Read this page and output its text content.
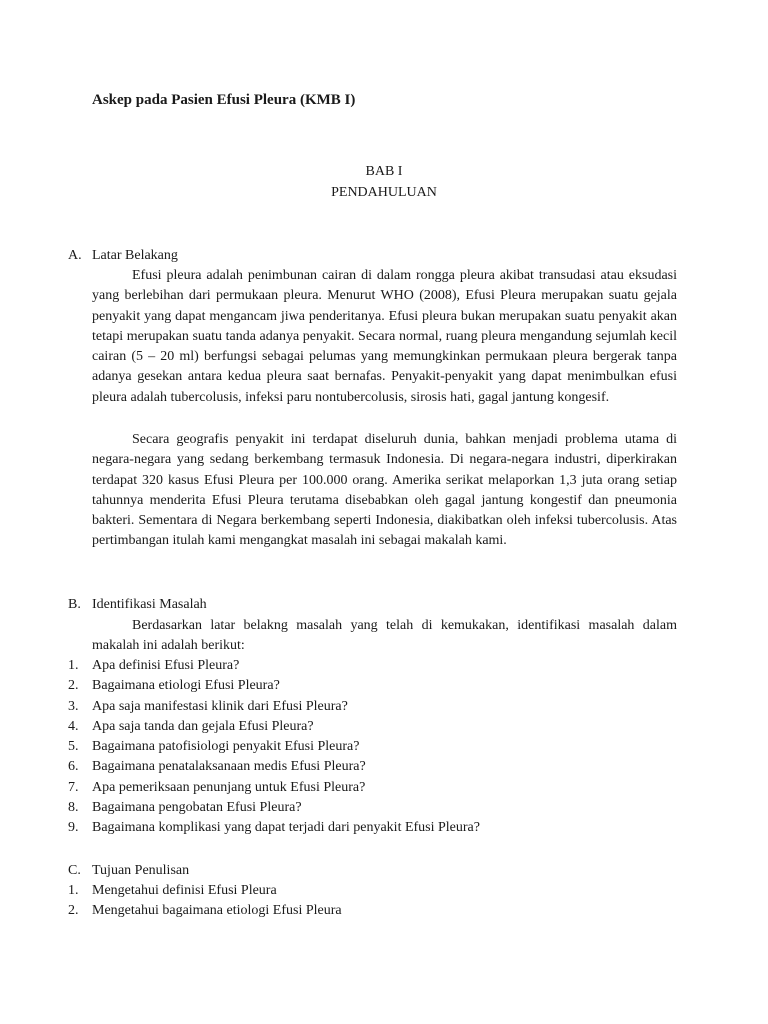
Askep pada Pasien Efusi Pleura (KMB I)
BAB I
PENDAHULUAN
A. Latar Belakang

Efusi pleura adalah penimbunan cairan di dalam rongga pleura akibat transudasi atau eksudasi yang berlebihan dari permukaan pleura. Menurut WHO (2008), Efusi Pleura merupakan suatu gejala penyakit yang dapat mengancam jiwa penderitanya. Efusi pleura bukan merupakan suatu penyakit akan tetapi merupakan suatu tanda adanya penyakit. Secara normal, ruang pleura mengandung sejumlah kecil cairan (5 – 20 ml) berfungsi sebagai pelumas yang memungkinkan permukaan pleura bergerak tanpa adanya gesekan antara kedua pleura saat bernafas. Penyakit-penyakit yang dapat menimbulkan efusi pleura adalah tubercolusis, infeksi paru nontubercolusis, sirosis hati, gagal jantung kongesif.

Secara geografis penyakit ini terdapat diseluruh dunia, bahkan menjadi problema utama di negara-negara yang sedang berkembang termasuk Indonesia. Di negara-negara industri, diperkirakan terdapat 320 kasus Efusi Pleura per 100.000 orang. Amerika serikat melaporkan 1,3 juta orang setiap tahunnya menderita Efusi Pleura terutama disebabkan oleh gagal jantung kongestif dan pneumonia bakteri. Sementara di Negara berkembang seperti Indonesia, diakibatkan oleh infeksi tubercolusis. Atas pertimbangan itulah kami mengangkat masalah ini sebagai makalah kami.

B. Identifikasi Masalah

Berdasarkan latar belakng masalah yang telah di kemukakan, identifikasi masalah dalam makalah ini adalah berikut:

1. Apa definisi Efusi Pleura?
2. Bagaimana etiologi Efusi Pleura?
3. Apa saja manifestasi klinik dari Efusi Pleura?
4. Apa saja tanda dan gejala Efusi Pleura?
5. Bagaimana patofisiologi penyakit Efusi Pleura?
6. Bagaimana penatalaksanaan medis Efusi Pleura?
7. Apa pemeriksaan penunjang untuk Efusi Pleura?
8. Bagaimana pengobatan Efusi Pleura?
9. Bagaimana komplikasi yang dapat terjadi dari penyakit Efusi Pleura?
C. Tujuan Penulisan
1. Mengetahui definisi Efusi Pleura
2. Mengetahui bagaimana etiologi Efusi Pleura
